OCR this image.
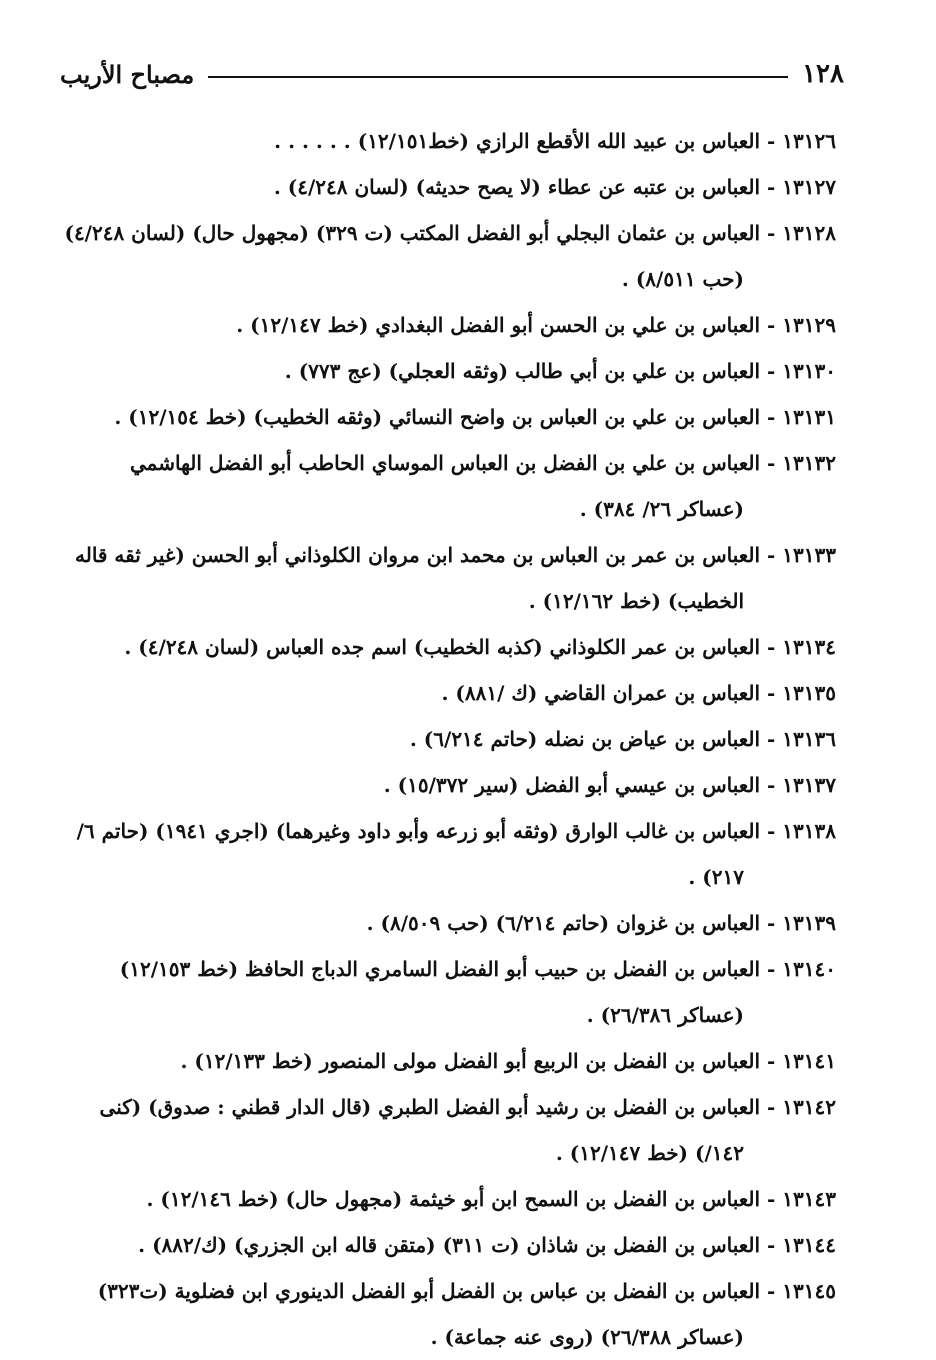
١٢٨
مصباح الأريب
١٣١٢٦ - العباس بن عبيد الله الأقطع الرازي (خط١٢/١٥١) . . . . . .
١٣١٢٧ - العباس بن عتبه عن عطاء (لا يصح حديثه) (لسان ٤/٢٤٨) .
١٣١٢٨ - العباس بن عثمان البجلي أبو الفضل المكتب (ت ٣٢٩) (مجهول حال) (لسان ٤/٢٤٨) (حب ٨/٥١١) .
١٣١٢٩ - العباس بن علي بن الحسن أبو الفضل البغدادي (خط ١٢/١٤٧) .
١٣١٣٠ - العباس بن علي بن أبي طالب (وثقه العجلي) (عج ٧٧٣) .
١٣١٣١ - العباس بن علي بن العباس بن واضح النسائي (وثقه الخطيب) (خط ١٢/١٥٤) .
١٣١٣٢ - العباس بن علي بن الفضل بن العباس الموساي الحاطب أبو الفضل الهاشمي (عساكر ٢٦/ ٣٨٤) .
١٣١٣٣ - العباس بن عمر بن العباس بن محمد ابن مروان الكلوذاني أبو الحسن (غير ثقه قاله الخطيب) (خط ١٢/١٦٢) .
١٣١٣٤ - العباس بن عمر الكلوذاني (كذبه الخطيب) اسم جده العباس (لسان ٤/٢٤٨) .
١٣١٣٥ - العباس بن عمران القاضي (ك /٨٨١) .
١٣١٣٦ - العباس بن عياض بن نضله (حاتم ٦/٢١٤) .
١٣١٣٧ - العباس بن عيسي أبو الفضل (سير ١٥/٣٧٢) .
١٣١٣٨ - العباس بن غالب الوارق (وثقه أبو زرعه وأبو داود وغيرهما) (اجري ١٩٤١) (حاتم ٦/ ٢١٧) .
١٣١٣٩ - العباس بن غزوان (حاتم ٦/٢١٤) (حب ٨/٥٠٩) .
١٣١٤٠ - العباس بن الفضل بن حبيب أبو الفضل السامري الدباج الحافظ (خط ١٢/١٥٣) (عساكر ٢٦/٣٨٦) .
١٣١٤١ - العباس بن الفضل بن الربيع أبو الفضل مولى المنصور (خط ١٢/١٣٣) .
١٣١٤٢ - العباس بن الفضل بن رشيد أبو الفضل الطبري (قال الدار قطني : صدوق) (كنى ١٤٢/) (خط ١٢/١٤٧) .
١٣١٤٣ - العباس بن الفضل بن السمح ابن أبو خيثمة (مجهول حال) (خط ١٢/١٤٦) .
١٣١٤٤ - العباس بن الفضل بن شاذان (ت ٣١١) (متقن قاله ابن الجزري) (ك/٨٨٢) .
١٣١٤٥ - العباس بن الفضل بن عباس بن الفضل أبو الفضل الدينوري ابن فضلوية (ت٣٢٣) (عساكر ٢٦/٣٨٨) (روى عنه جماعة) .
